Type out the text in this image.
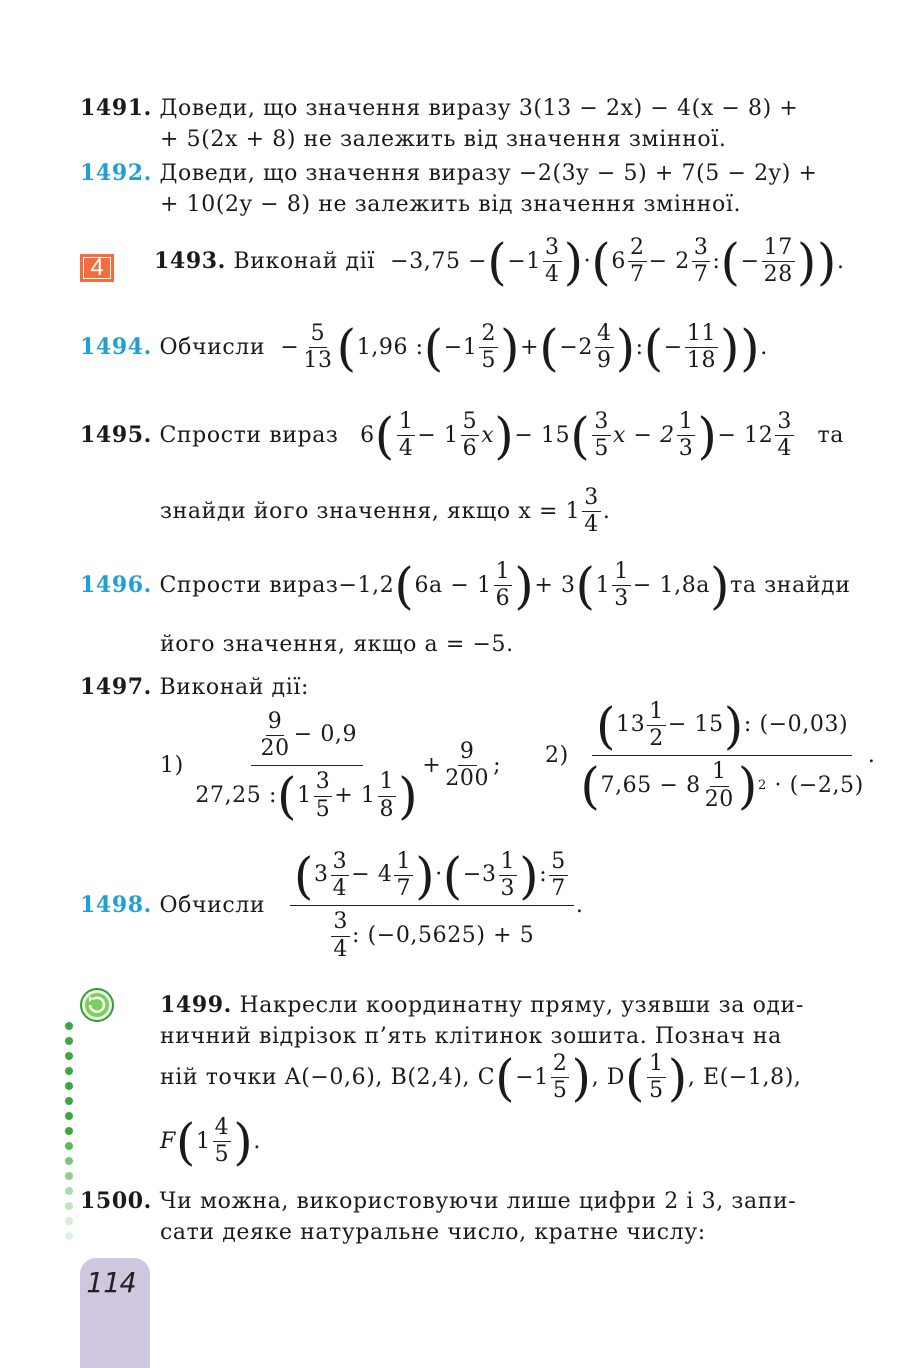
1491. Доведи, що значення виразу 3(13 − 2x) − 4(x − 8) +
+ 5(2x + 8) не залежить від значення змінної.
1492. Доведи, що значення виразу −2(3y − 5) + 7(5 − 2y) +
+ 10(2y − 8) не залежить від значення змінної.
4	1493.
Виконай дії
−3,75 − ( $-1 \frac{3}{4}$ ) · ( $6 \frac{2}{7} - 2 \frac{3}{7}$ : ( − $\frac{17}{28}$ )) .
1494.
Обчисли
− $\frac{5}{13}$ ( 1,96 : ( $-1 \frac{2}{5}$ ) + ( $-2 \frac{4}{9}$ ) : ( − $\frac{11}{18}$ )) .
1495. Спрости вираз 6 ( $\frac{1}{4} - 1 \frac{5}{6}$ x ) − 15 ( $\frac{3}{5}$ $x - 2 \frac{1}{3}$ ) − $12 \frac{3}{4}$ та
знайди його значення, якщо $x = 1 \frac{3}{4}$ .
1496. Спрости вираз −1,2 ( $6a - 1 \frac{1}{6}$ ) + 3 ( $1 \frac{1}{3} - 1,8a$ ) та знайди
його значення, якщо a = −5.
1497. Виконай дії:
1)
$\frac{\frac{9}{20} - 0,9}{27,25 : ( 1 \frac{3}{5} + 1 \frac{1}{8} )} + \frac{9}{200}$ ; 2)
( $13 \frac{1}{2} - 15$ ) : (−0,03)
( $7,65 - 8 \frac{1}{20}$ ) 2
· (−2,5) .
1498.
Обчисли

( $3 \frac{3}{4} - 4 \frac{1}{7}$ ) · ( $-3 \frac{1}{3}$ ) : $\frac{5}{7}$
$\frac{3}{4}$ : (−0,5625) + 5
.
1499. Накресли координатну пряму, узявши за оди-
ничний відрізок п’ять клітинок зошита. Познач на
ній точки A(−0,6), B(2,4), C ( $-1 \frac{2}{5}$ ) , D ( $\frac{1}{5}$ ) , E(−1,8),
F ( $1 \frac{4}{5}$ ) .
1500. Чи можна, використовуючи лише цифри 2 і 3, запи-
сати деяке натуральне число, кратне числу:
114
